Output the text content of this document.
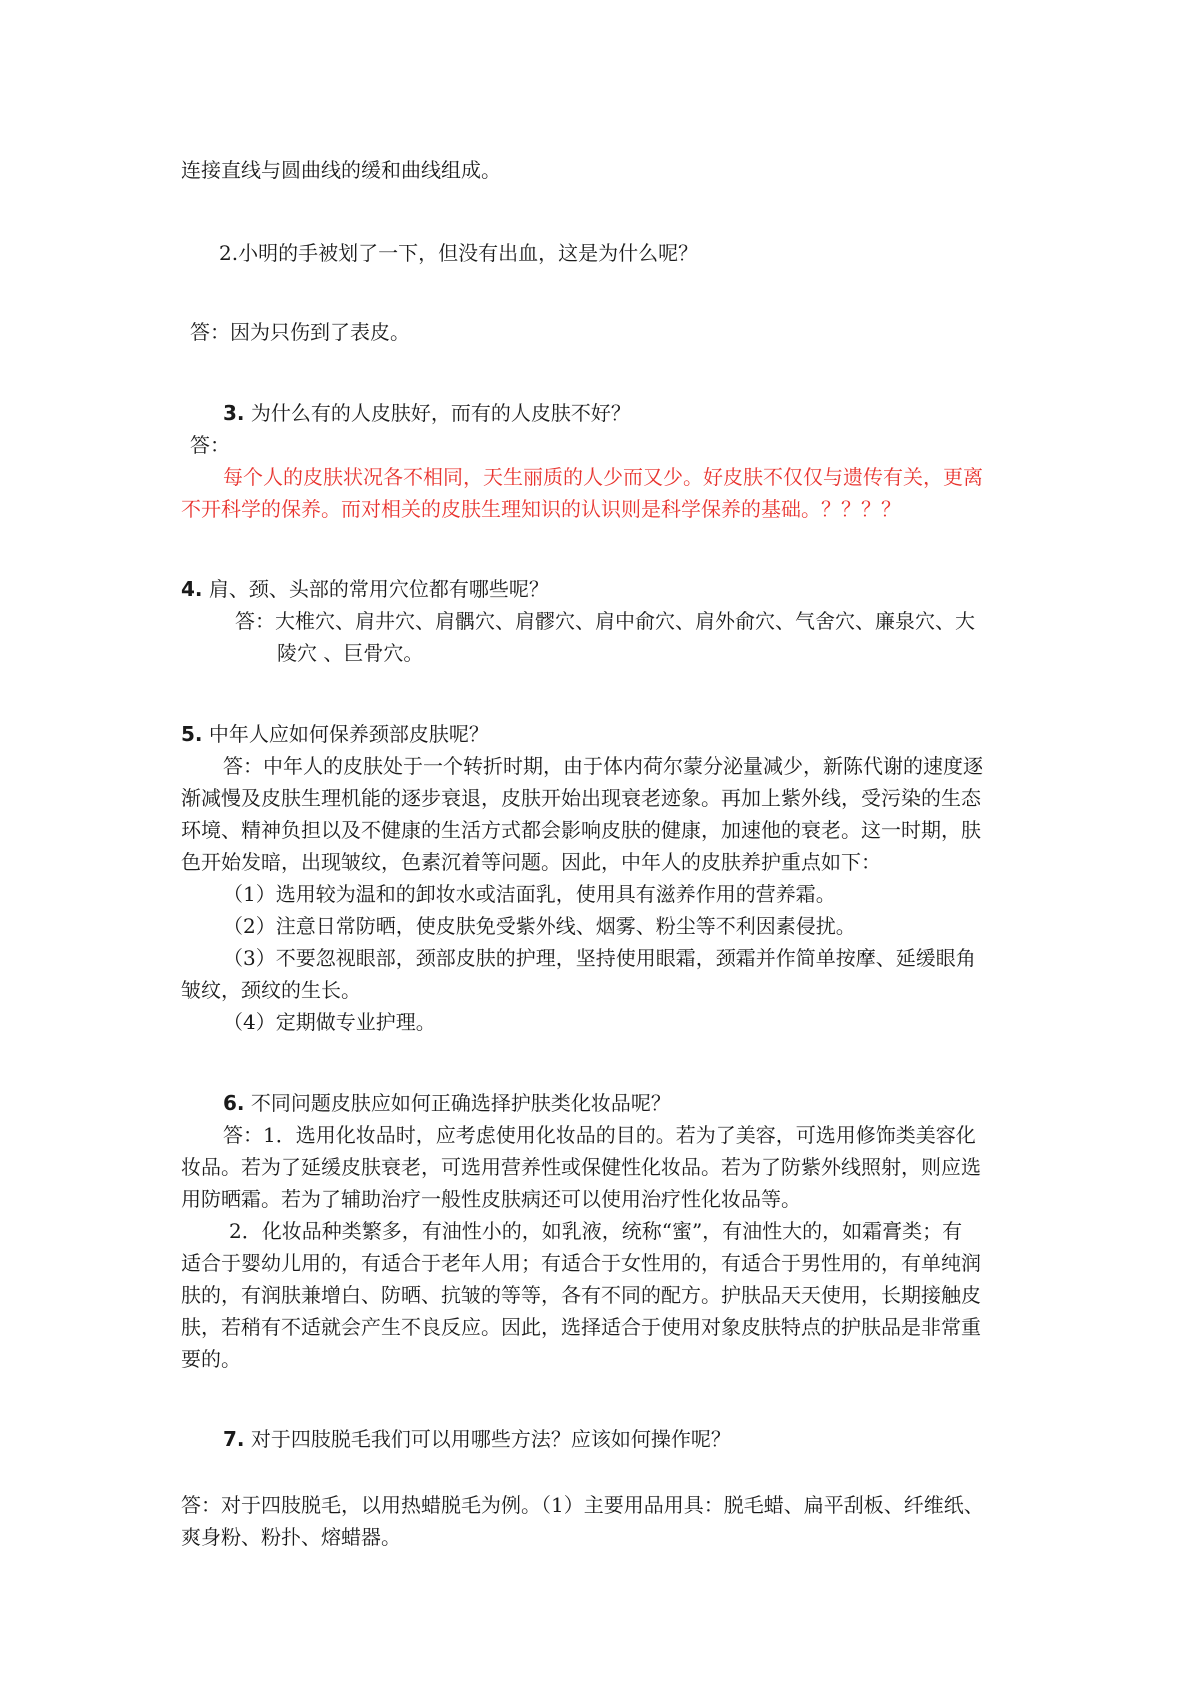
连接直线与圆曲线的缓和曲线组成。
2.小明的手被划了一下，但没有出血，这是为什么呢？
答：因为只伤到了表皮。
3. 为什么有的人皮肤好，而有的人皮肤不好？
答：
每个人的皮肤状况各不相同，天生丽质的人少而又少。好皮肤不仅仅与遗传有关，更离
不开科学的保养。而对相关的皮肤生理知识的认识则是科学保养的基础。？？？？
4. 肩、颈、头部的常用穴位都有哪些呢？
答：大椎穴、肩井穴、肩髃穴、肩髎穴、肩中俞穴、肩外俞穴、气舍穴、廉泉穴、大
陵穴 、巨骨穴。
5. 中年人应如何保养颈部皮肤呢？
答：中年人的皮肤处于一个转折时期，由于体内荷尔蒙分泌量减少，新陈代谢的速度逐
渐减慢及皮肤生理机能的逐步衰退，皮肤开始出现衰老迹象。再加上紫外线，受污染的生态
环境、精神负担以及不健康的生活方式都会影响皮肤的健康，加速他的衰老。这一时期，肤
色开始发暗，出现皱纹，色素沉着等问题。因此，中年人的皮肤养护重点如下：
（1）选用较为温和的卸妆水或洁面乳，使用具有滋养作用的营养霜。
（2）注意日常防晒，使皮肤免受紫外线、烟雾、粉尘等不利因素侵扰。
（3）不要忽视眼部，颈部皮肤的护理，坚持使用眼霜，颈霜并作简单按摩、延缓眼角
皱纹，颈纹的生长。
（4）定期做专业护理。
6. 不同问题皮肤应如何正确选择护肤类化妆品呢？
答：1．选用化妆品时，应考虑使用化妆品的目的。若为了美容，可选用修饰类美容化
妆品。若为了延缓皮肤衰老，可选用营养性或保健性化妆品。若为了防紫外线照射，则应选
用防晒霜。若为了辅助治疗一般性皮肤病还可以使用治疗性化妆品等。
2．化妆品种类繁多，有油性小的，如乳液，统称“蜜”，有油性大的，如霜膏类；有
适合于婴幼儿用的，有适合于老年人用；有适合于女性用的，有适合于男性用的，有单纯润
肤的，有润肤兼增白、防晒、抗皱的等等，各有不同的配方。护肤品天天使用，长期接触皮
肤，若稍有不适就会产生不良反应。因此，选择适合于使用对象皮肤特点的护肤品是非常重
要的。
7. 对于四肢脱毛我们可以用哪些方法？应该如何操作呢？
答：对于四肢脱毛，以用热蜡脱毛为例。（1）主要用品用具：脱毛蜡、扁平刮板、纤维纸、
爽身粉、粉扑、熔蜡器。
